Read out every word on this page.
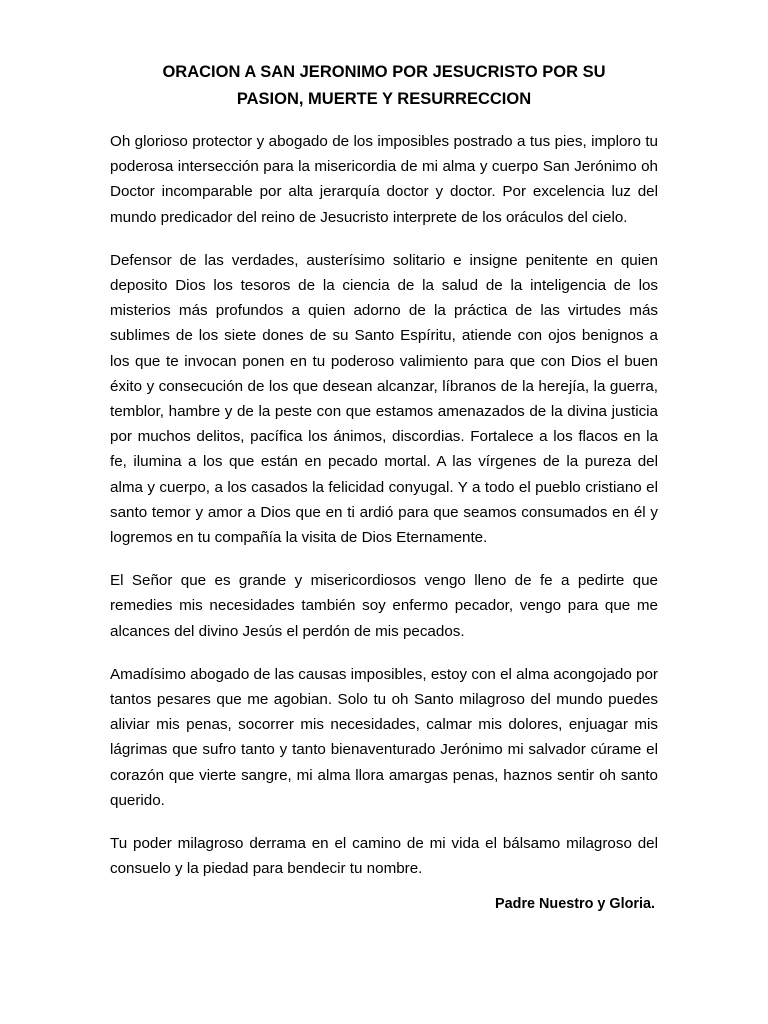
ORACION A SAN JERONIMO POR JESUCRISTO POR SU
PASION, MUERTE Y RESURRECCION

Oh glorioso protector y abogado de los imposibles postrado a tus pies, imploro tu poderosa intersección para la misericordia de mi alma y cuerpo San Jerónimo oh Doctor incomparable por alta jerarquía doctor y doctor. Por excelencia luz del mundo predicador del reino de Jesucristo interprete de los oráculos del cielo.

Defensor de las verdades, austerísimo solitario e insigne penitente en quien deposito Dios los tesoros de la ciencia de la salud de la inteligencia de los misterios más profundos a quien adorno de la práctica de las virtudes más sublimes de los siete dones de su Santo Espíritu, atiende con ojos benignos a los que te invocan ponen en tu poderoso valimiento para que con Dios el buen éxito y consecución de los que desean alcanzar, líbranos de la herejía, la guerra, temblor, hambre y de la peste con que estamos amenazados de la divina justicia por muchos delitos, pacífica los ánimos, discordias. Fortalece a los flacos en la fe, ilumina a los que están en pecado mortal. A las vírgenes de la pureza del alma y cuerpo, a los casados la felicidad conyugal. Y a todo el pueblo cristiano el santo temor y amor a Dios que en ti ardió para que seamos consumados en él y logremos en tu compañía la visita de Dios Eternamente.

El Señor que es grande y misericordiosos vengo lleno de fe a pedirte que remedies mis necesidades también soy enfermo pecador, vengo para que me alcances del divino Jesús el perdón de mis pecados.

Amadísimo abogado de las causas imposibles, estoy con el alma acongojado por tantos pesares que me agobian. Solo tu oh Santo milagroso del mundo puedes aliviar mis penas, socorrer mis necesidades, calmar mis dolores, enjuagar mis lágrimas que sufro tanto y tanto bienaventurado Jerónimo mi salvador cúrame el corazón que vierte sangre, mi alma llora amargas penas, haznos sentir oh santo querido.

Tu poder milagroso derrama en el camino de mi vida el bálsamo milagroso del consuelo y la piedad para bendecir tu nombre.

Padre Nuestro y Gloria.
